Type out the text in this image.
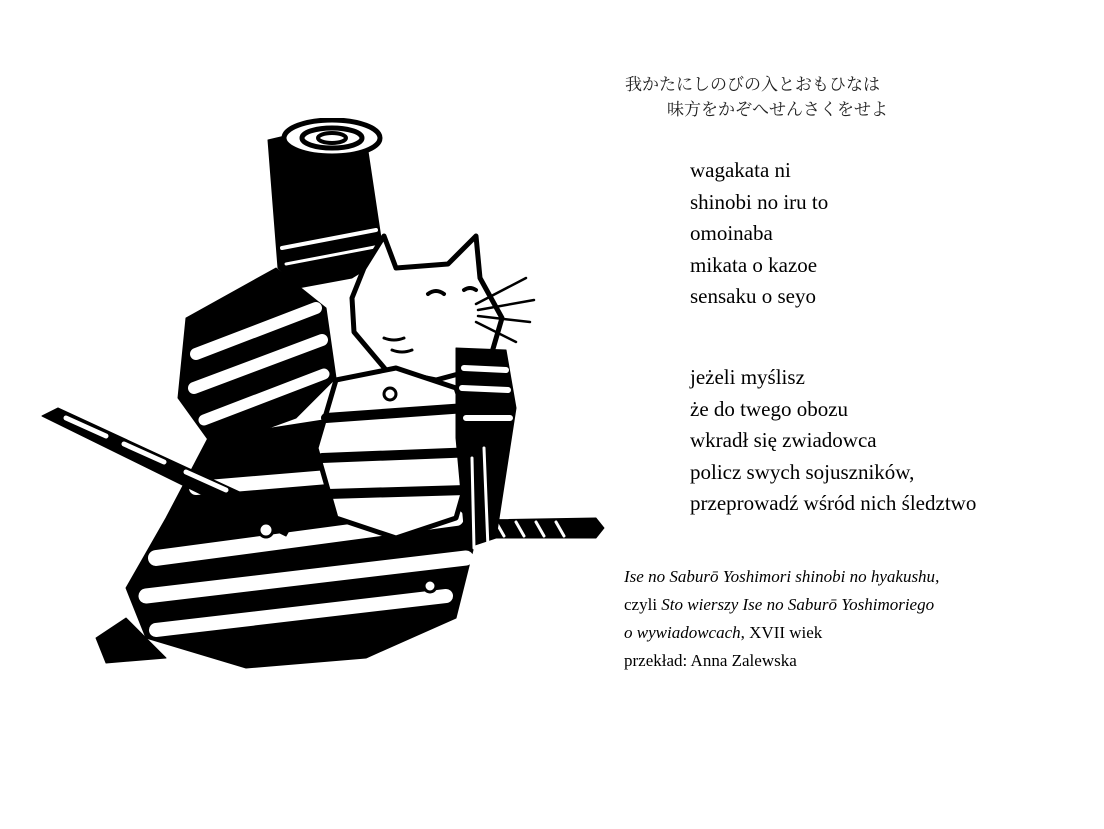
我かたにしのびの入とおもひなは
味方をかぞへせんさくをせよ
wagakata ni
shinobi no iru to
omoinaba
mikata o kazoe
sensaku o seyo
jeżeli myślisz
że do twego obozu
wkradł się zwiadowca
policz swych sojuszników,
przeprowadź wśród nich śledztwo
Ise no Saburō Yoshimori shinobi no hyakushu,
czyli Sto wierszy Ise no Saburō Yoshimoriego
o wywiadowcach, XVII wiek
przekład: Anna Zalewska
